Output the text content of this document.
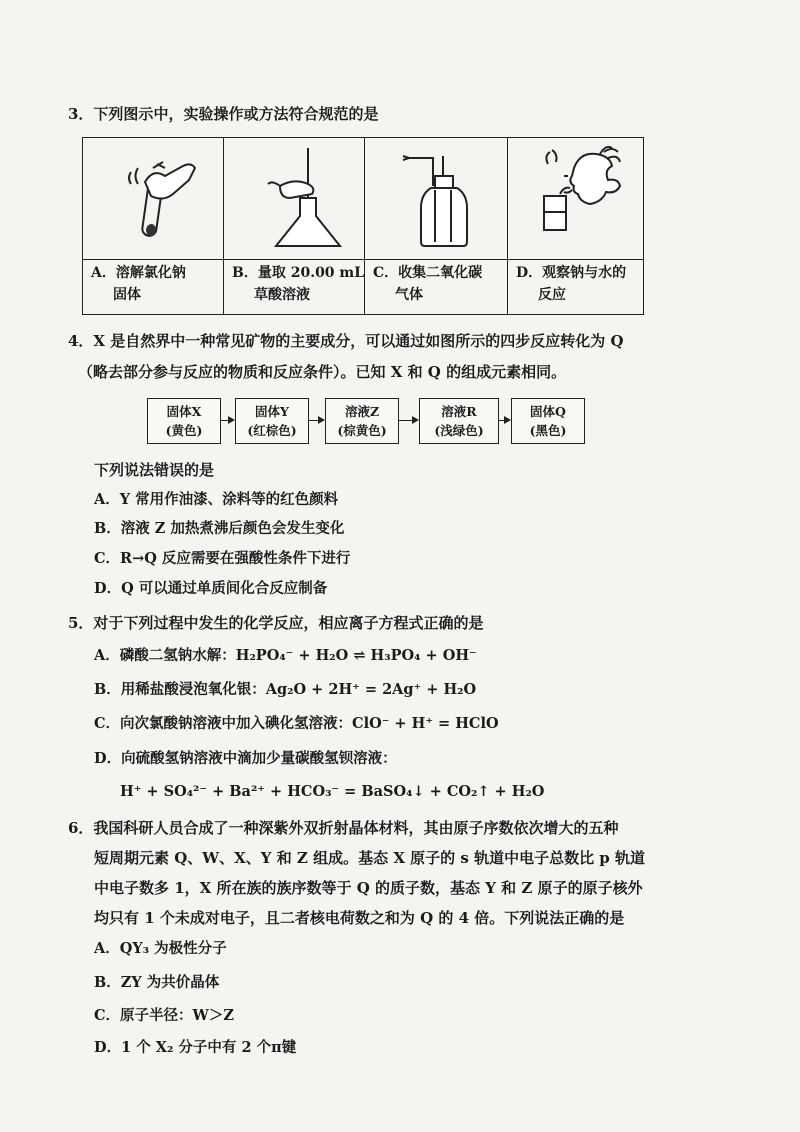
3．下列图示中，实验操作或方法符合规范的是
A．溶解氯化钠
固体
B．量取 20.00 mL
草酸溶液
C．收集二氧化碳
气体
D．观察钠与水的
反应
4．X 是自然界中一种常见矿物的主要成分，可以通过如图所示的四步反应转化为 Q
（略去部分参与反应的物质和反应条件）。已知 X 和 Q 的组成元素相同。
固体X
(黄色)
固体Y
(红棕色)
溶液Z
(棕黄色)
溶液R
(浅绿色)
固体Q
(黑色)
下列说法错误的是
A．Y 常用作油漆、涂料等的红色颜料
B．溶液 Z 加热煮沸后颜色会发生变化
C．R→Q 反应需要在强酸性条件下进行
D．Q 可以通过单质间化合反应制备
5．对于下列过程中发生的化学反应，相应离子方程式正确的是
A．磷酸二氢钠水解：H₂PO₄⁻ + H₂O ⇌ H₃PO₄ + OH⁻
B．用稀盐酸浸泡氧化银：Ag₂O + 2H⁺ = 2Ag⁺ + H₂O
C．向次氯酸钠溶液中加入碘化氢溶液：ClO⁻ + H⁺ = HClO
D．向硫酸氢钠溶液中滴加少量碳酸氢钡溶液：
H⁺ + SO₄²⁻ + Ba²⁺ + HCO₃⁻ = BaSO₄↓ + CO₂↑ + H₂O
6．我国科研人员合成了一种深紫外双折射晶体材料，其由原子序数依次增大的五种
短周期元素 Q、W、X、Y 和 Z 组成。基态 X 原子的 s 轨道中电子总数比 p 轨道
中电子数多 1，X 所在族的族序数等于 Q 的质子数，基态 Y 和 Z 原子的原子核外
均只有 1 个未成对电子，且二者核电荷数之和为 Q 的 4 倍。下列说法正确的是
A．QY₃ 为极性分子
B．ZY 为共价晶体
C．原子半径：W＞Z
D．1 个 X₂ 分子中有 2 个π键
